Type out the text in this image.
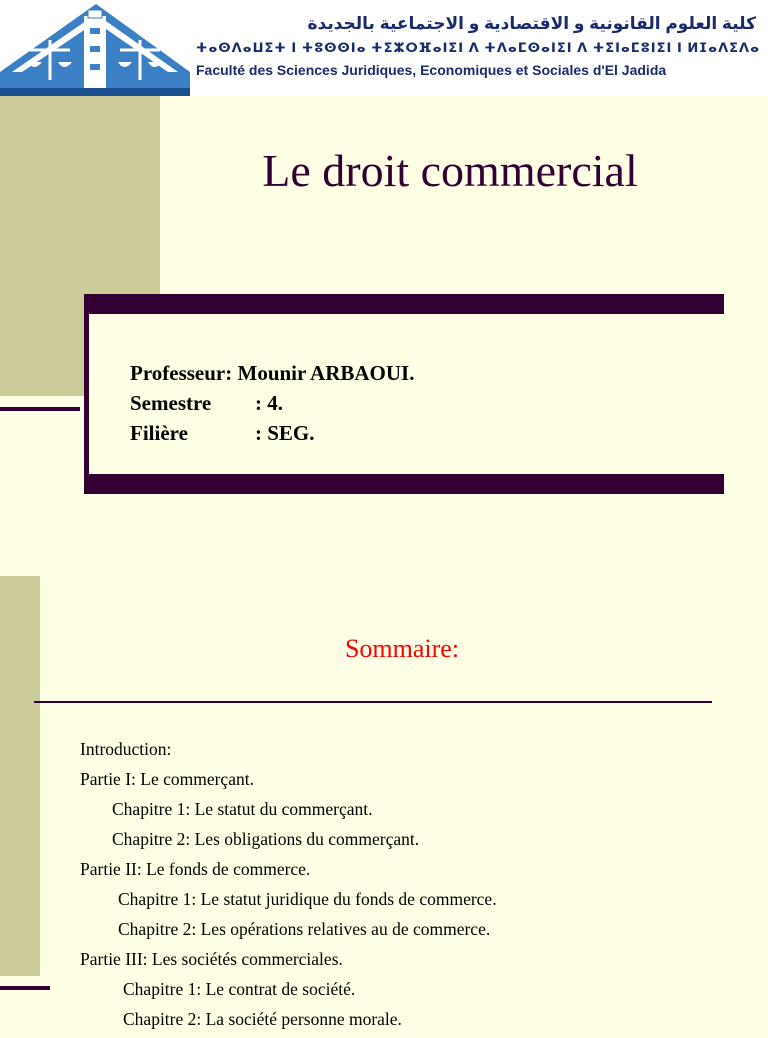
كلية العلوم القانونية و الاقتصادية و الاجتماعية بالجديدة
ⵜⴰⵙⴷⴰⵡⵉⵜ ⵏ ⵜⵓⵙⵙⵏⴰ ⵜⵉⵣⵔⴼⴰⵏⵉⵏ ⴷ ⵜⴷⴰⵎⵙⴰⵏⵉⵏ ⴷ ⵜⵉⵏⴰⵎⵓⵏⵉⵏ ⵏ ⵍⵊⴰⴷⵉⴷⴰ
Faculté des Sciences Juridiques, Economiques et Sociales d'El Jadida
Le droit commercial
Professeur: Mounir ARBAOUI.
Semestre : 4.
Filière	: SEG.
Sommaire:
Introduction:
Partie I: Le commerçant.
Chapitre 1: Le statut du commerçant.
Chapitre 2: Les obligations du commerçant.
Partie II: Le fonds de commerce.
Chapitre 1: Le statut juridique du fonds de commerce.
Chapitre 2: Les opérations relatives au de commerce.
Partie III: Les sociétés commerciales.
Chapitre 1: Le contrat de société.
Chapitre 2: La société personne morale.
